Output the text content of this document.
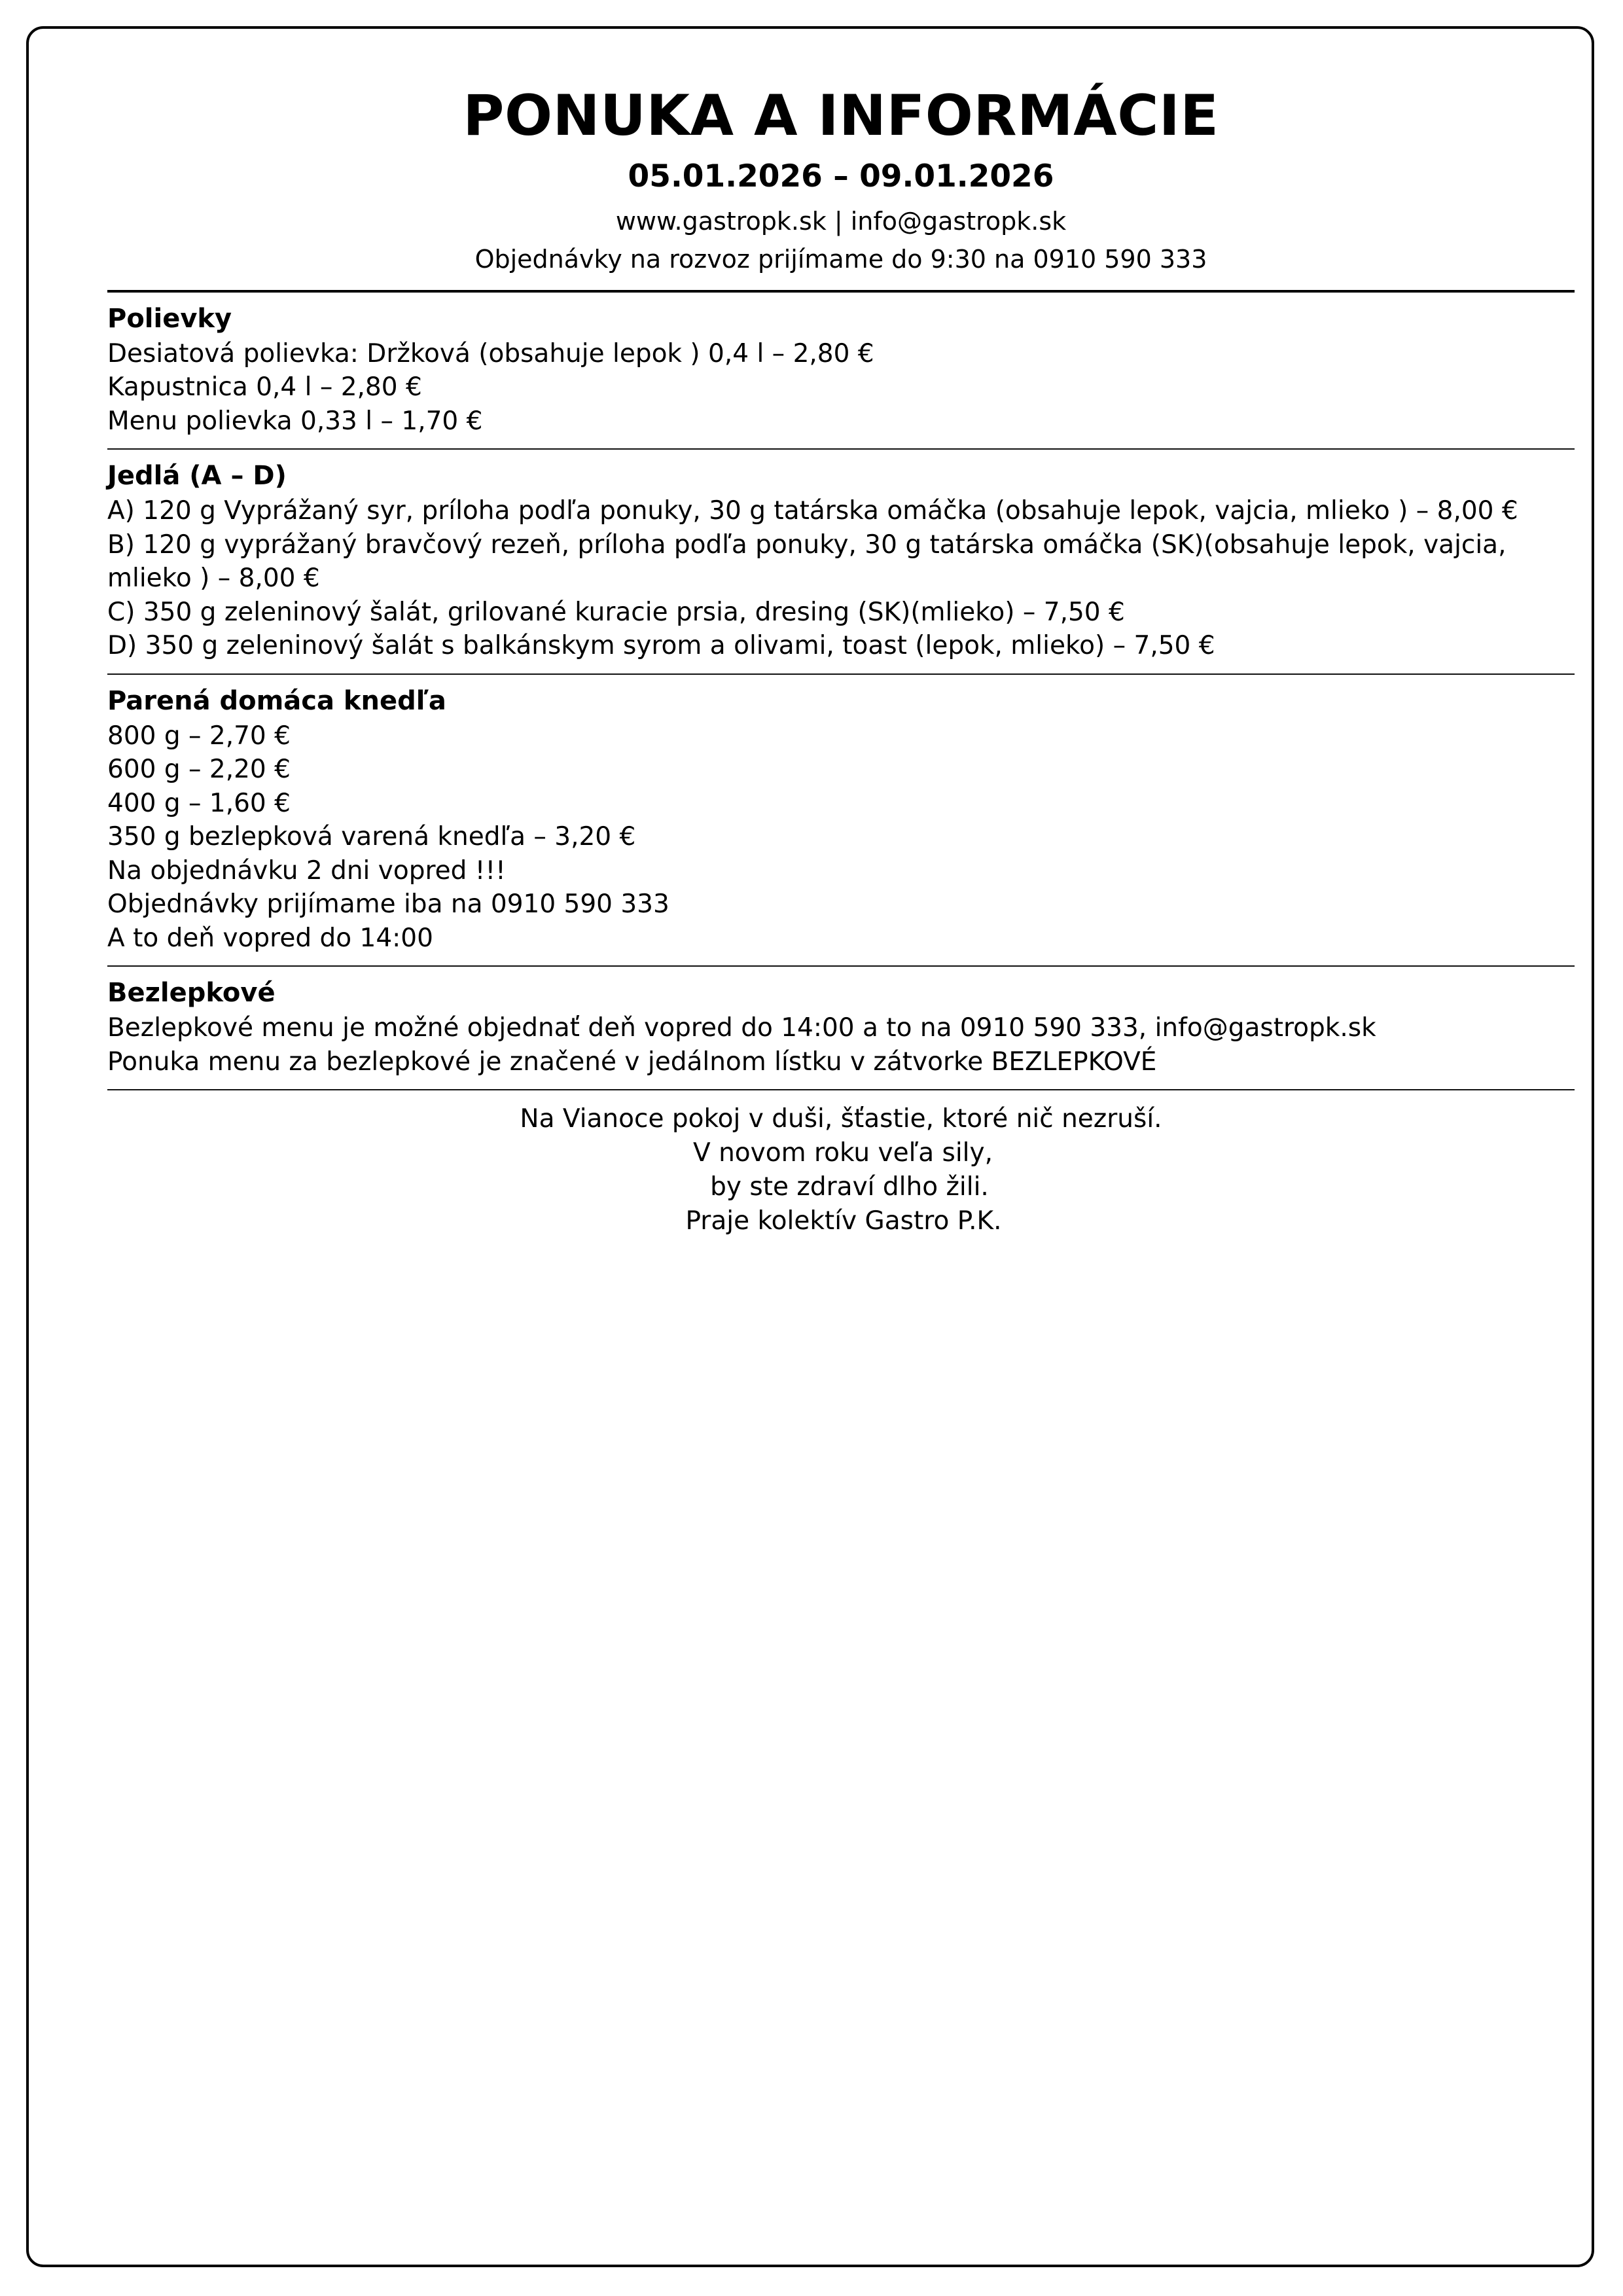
PONUKA A INFORMÁCIE
05.01.2026 – 09.01.2026
www.gastropk.sk | info@gastropk.sk
Objednávky na rozvoz prijímame do 9:30 na 0910 590 333
Polievky
Desiatová polievka: Držková (obsahuje lepok ) 0,4 l – 2,80 €
Kapustnica 0,4 l – 2,80 €
Menu polievka 0,33 l – 1,70 €
Jedlá (A – D)
A) 120 g Vyprážaný syr, príloha podľa ponuky, 30 g tatárska omáčka (obsahuje lepok, vajcia, mlieko ) – 8,00 €
B) 120 g vyprážaný bravčový rezeň, príloha podľa ponuky, 30 g tatárska omáčka (SK)(obsahuje lepok, vajcia, mlieko ) – 8,00 €
C) 350 g zeleninový šalát, grilované kuracie prsia, dresing (SK)(mlieko) – 7,50 €
D) 350 g zeleninový šalát s balkánskym syrom a olivami, toast (lepok, mlieko) – 7,50 €
Parená domáca knedľa
800 g – 2,70 €
600 g – 2,20 €
400 g – 1,60 €
350 g bezlepková varená knedľa – 3,20 €
Na objednávku 2 dni vopred !!!
Objednávky prijímame iba na 0910 590 333
A to deň vopred do 14:00
Bezlepkové
Bezlepkové menu je možné objednať deň vopred do 14:00 a to na 0910 590 333, info@gastropk.sk
Ponuka menu za bezlepkové je značené v jedálnom lístku v zátvorke BEZLEPKOVÉ
Na Vianoce pokoj v duši, šťastie, ktoré nič nezruší.
V novom roku veľa sily,
by ste zdraví dlho žili.
Praje kolektív Gastro P.K.
